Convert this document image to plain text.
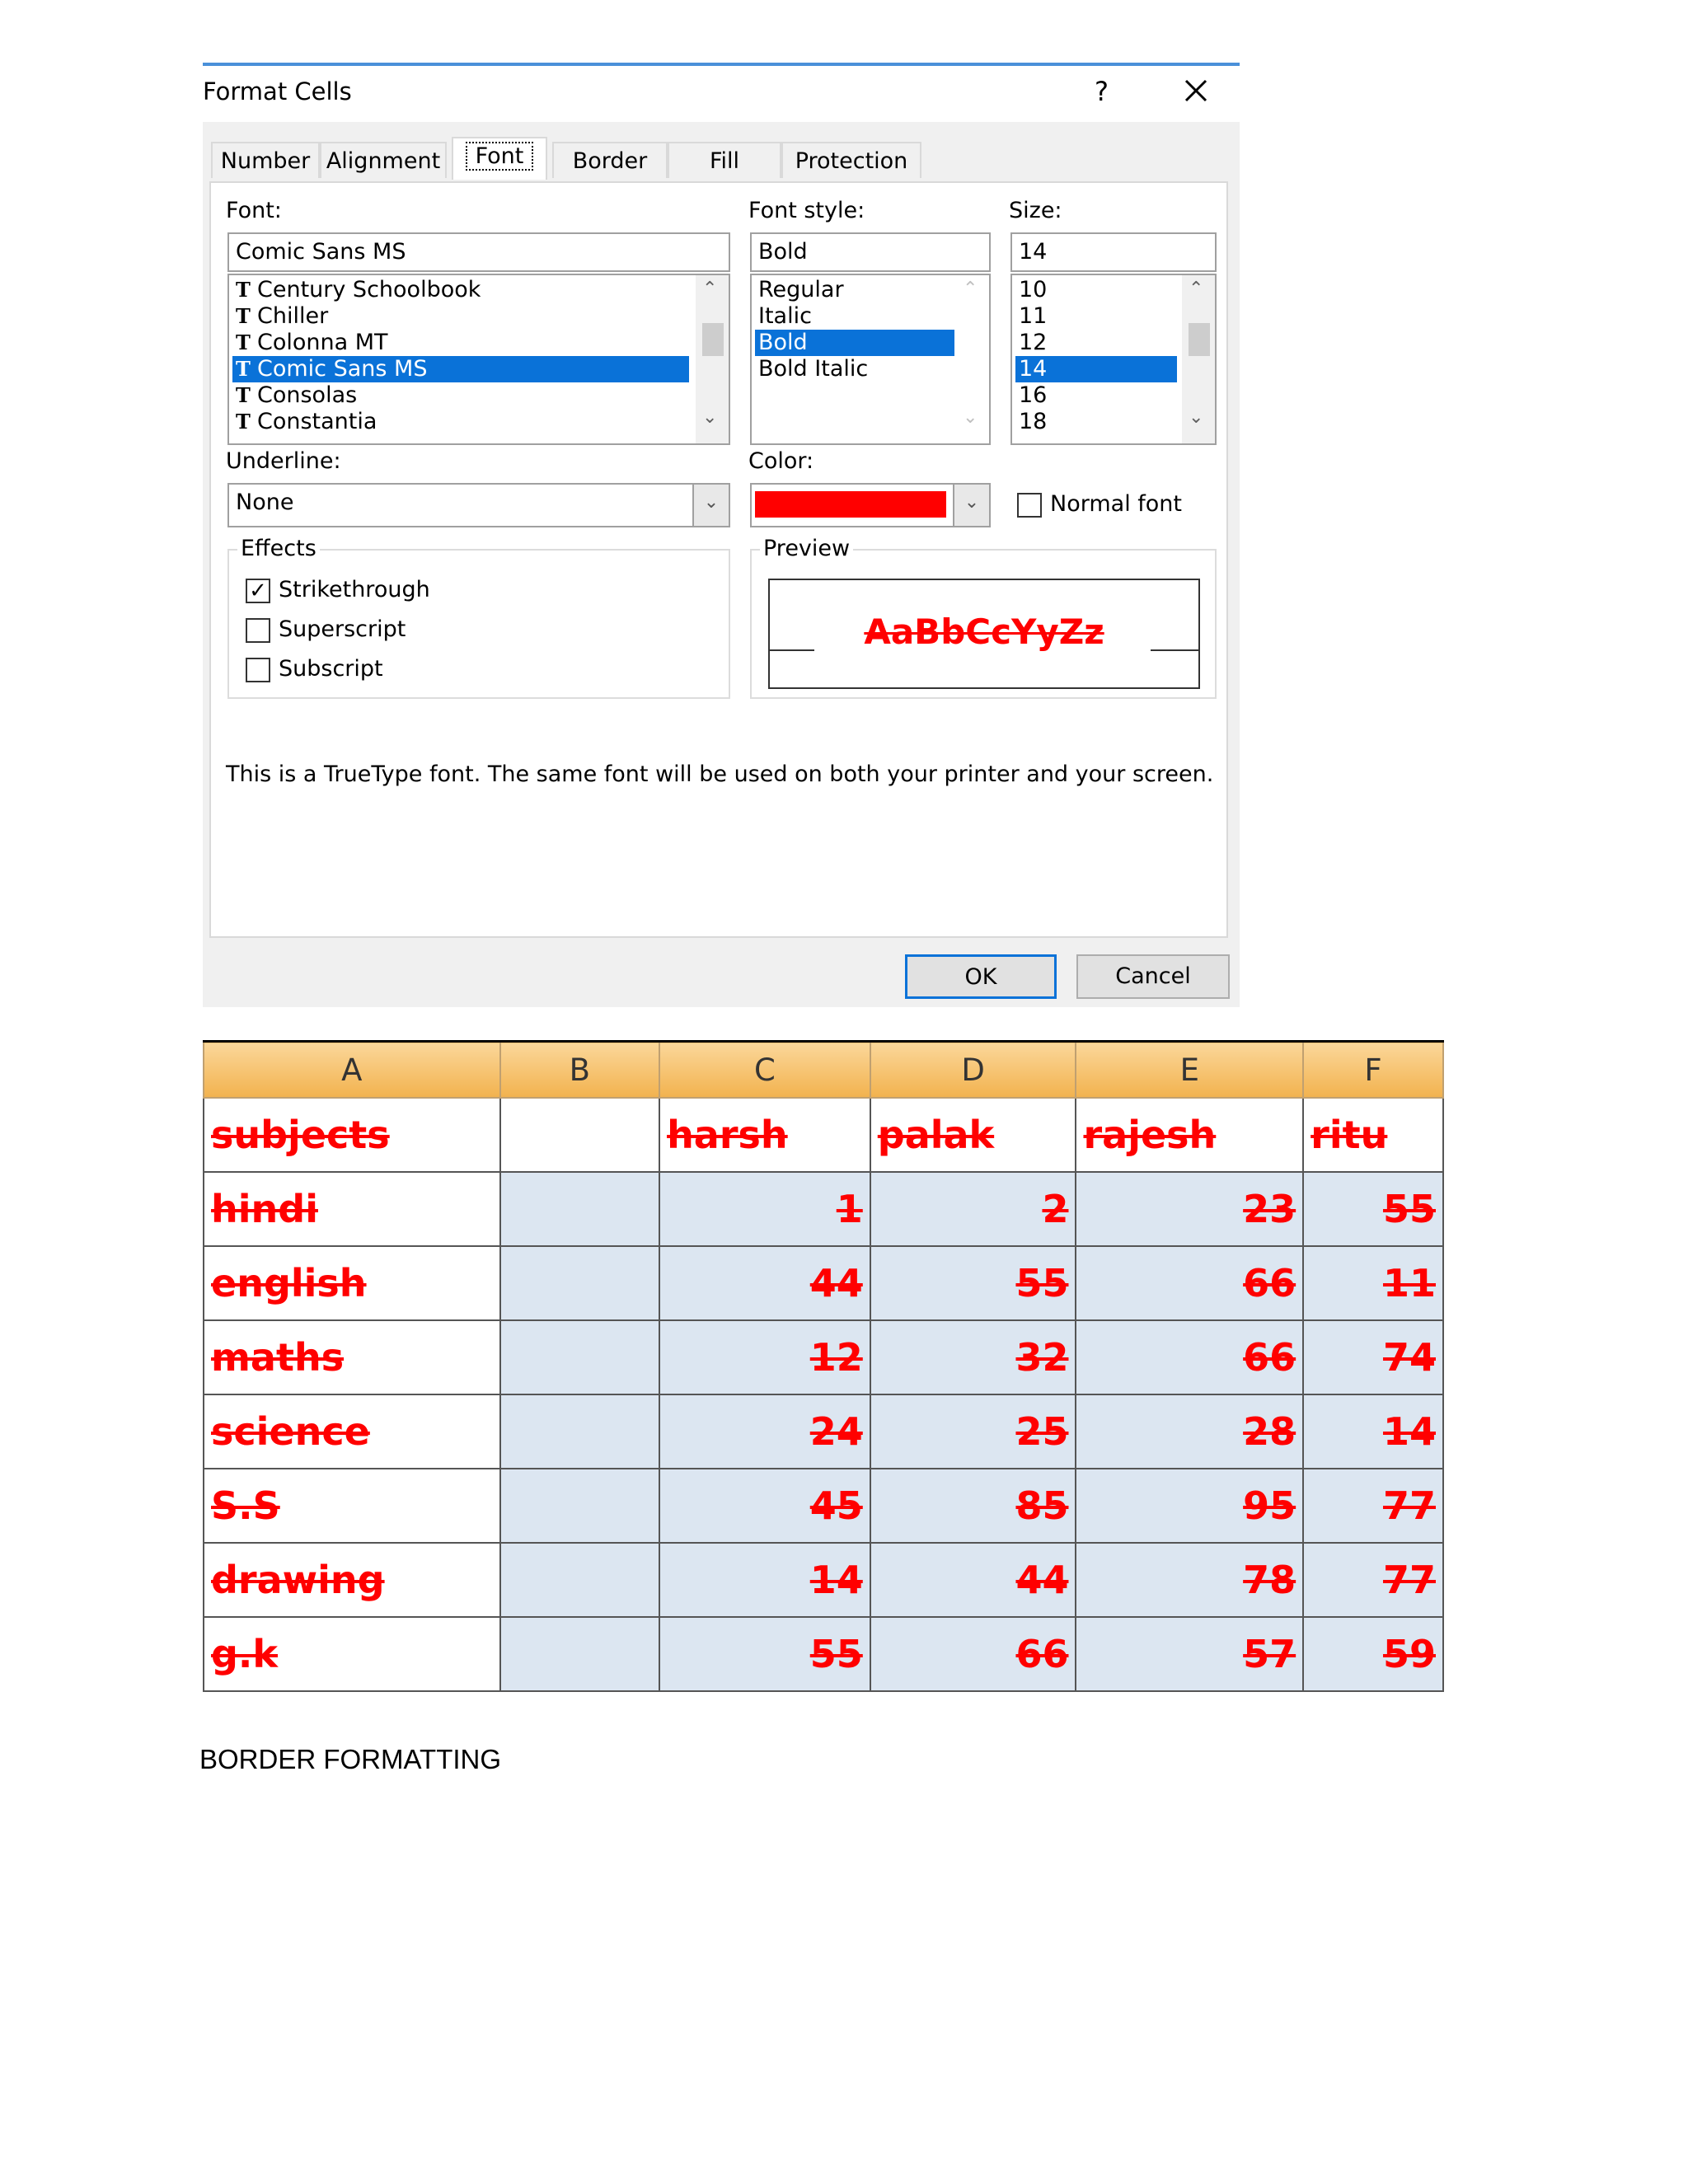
Format Cells	?
Number Alignment	Font	Border	Fill	Protection
Font:
Comic Sans MS
T Century Schoolbook
T Chiller
T Colonna MT
T Comic Sans MS
T Consolas
T Constantia
⌃
⌄
Font style:
Bold
Regular
Italic
Bold
Bold Italic
⌃
⌄
Size:
14
10
11
12
14
16
18
⌃
⌄
Underline:
None	⌄
Color:
⌄	Normal font
Effects
✓ Strikethrough
Superscript
Subscript
Preview
AaBbCcYyZz
This is a TrueType font. The same font will be used on both your printer and your screen.
OK	Cancel
A	B	C	D	E	F
subjects		harsh	palak	rajesh	ritu
hindi		1	2	23	55
english		44	55	66	11
maths		12	32	66	74
science		24	25	28	14
S.S		45	85	95	77
drawing		14	44	78	77
g.k		55	66	57	59
BORDER FORMATTING
